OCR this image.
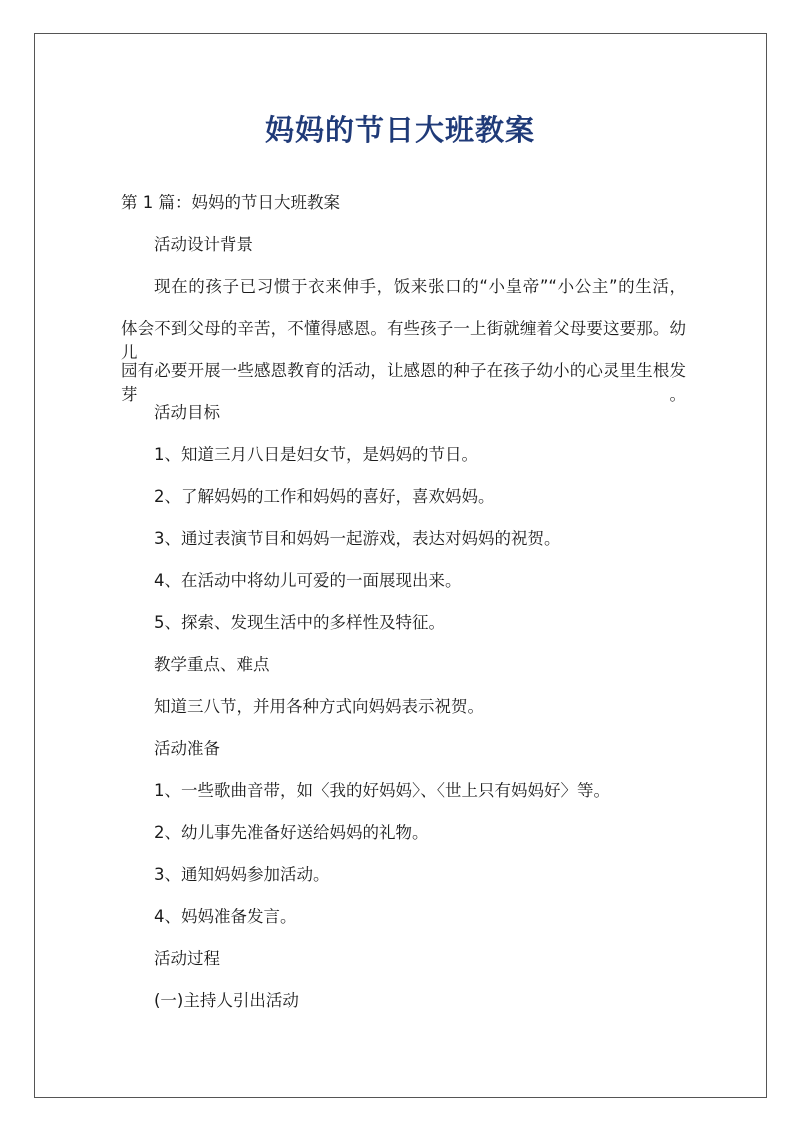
妈妈的节日大班教案
第 1 篇：妈妈的节日大班教案
活动设计背景
现在的孩子已习惯于衣来伸手，饭来张口的“小皇帝”“小公主”的生活，
体会不到父母的辛苦，不懂得感恩。有些孩子一上街就缠着父母要这要那。幼儿
园有必要开展一些感恩教育的活动，让感恩的种子在孩子幼小的心灵里生根发芽。
活动目标
1、知道三月八日是妇女节，是妈妈的节日。
2、了解妈妈的工作和妈妈的喜好，喜欢妈妈。
3、通过表演节目和妈妈一起游戏，表达对妈妈的祝贺。
4、在活动中将幼儿可爱的一面展现出来。
5、探索、发现生活中的多样性及特征。
教学重点、难点
知道三八节，并用各种方式向妈妈表示祝贺。
活动准备
1、一些歌曲音带，如〈我的好妈妈〉、〈世上只有妈妈好〉等。
2、幼儿事先准备好送给妈妈的礼物。
3、通知妈妈参加活动。
4、妈妈准备发言。
活动过程
(一)主持人引出活动
